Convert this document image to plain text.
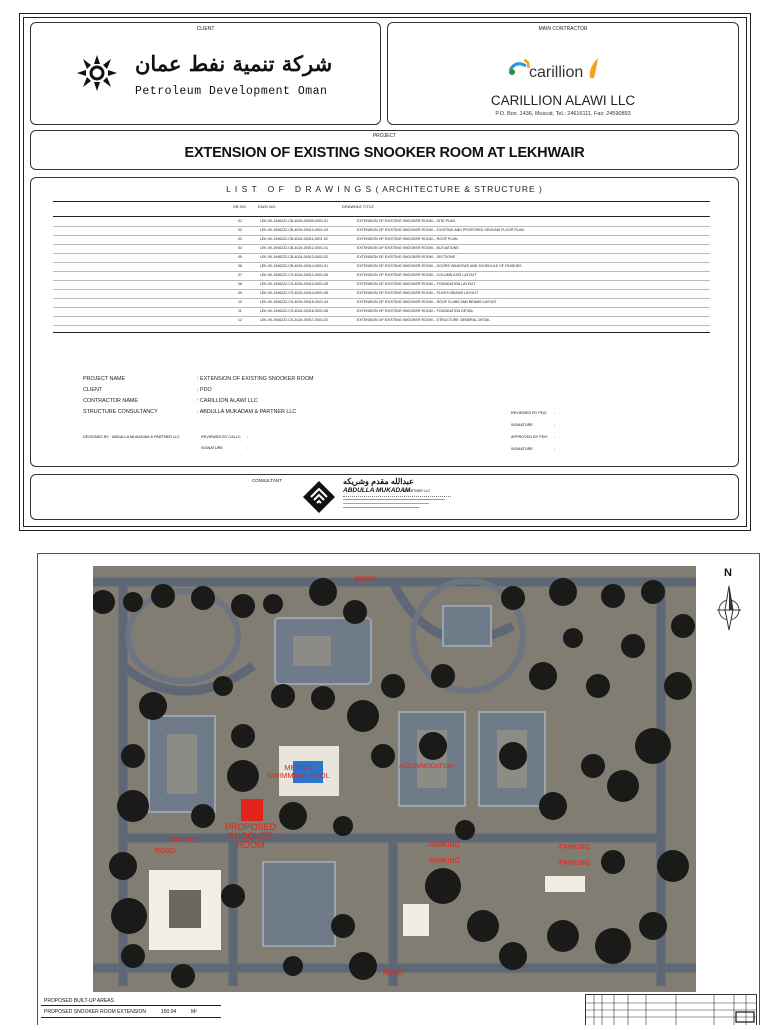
CLIENT
شركة تنمية نفط عمان
Petroleum Development Oman
MAIN CONTRACTOR
carillion
CARILLION ALAWI LLC
P.O. Box. 1436, Muscat, Tel.: 24616111, Fax: 24590893
PROJECT
EXTENSION OF EXISTING SNOOKER ROOM AT LEKHWAIR
L I S T   O F   D R A W I N G S ( ARCHITECTURE & STRUCTURE )
SR.NO.	DWG.NO.	DRAWING TITLE
01	LEK-90-1946222-CB-4024-00000-0001-01	EXTENSION OF EXISTING SNOOKER ROOM – SITE PLAN
02	LEK-90-1946222-CB-4024-00010-0001-03	EXTENSION OF EXISTING SNOOKER ROOM – EXISTING AND PROPOSED GROUND FLOOR PLAN
03	LEK-90-1946222-CB-4024-00011-0001-02	EXTENSION OF EXISTING SNOOKER ROOM – ROOF PLAN
04	LEK-90-1946222-CB-4024-00012-0001-01	EXTENSION OF EXISTING SNOOKER ROOM – ELEVATIONS
05	LEK-90-1946222-CB-4024-00013-0001-02	EXTENSION OF EXISTING SNOOKER ROOM – SECTIONS
06	LEK-90-1946222-CB-4024-00014-0001-01	EXTENSION OF EXISTING SNOOKER ROOM – DOORS WINDOWS AND SCHEDULE OF FINISHES
07	LEK-90-1946222-CS-4024-00012-0001-05	EXTENSION OF EXISTING SNOOKER ROOM – COLUMN AXIS LAYOUT
08	LEK-90-1946222-CS-4024-00013-0001-05	EXTENSION OF EXISTING SNOOKER ROOM – FOUNDATION LAYOUT
09	LEK-90-1946222-CS-4024-00014-0001-05	EXTENSION OF EXISTING SNOOKER ROOM – PLINTH BEAMS LAYOUT
10	LEK-90-1946222-CS-4024-00015-0001-04	EXTENSION OF EXISTING SNOOKER ROOM – ROOF SLABS AND BEAMS LAYOUT
11	LEK-90-1946222-CS-4024-00016-0001-05	EXTENSION OF EXISTING SNOOKER ROOM – FOUNDATION DETAIL
12	LEK-90-1946222-CS-4024-00017-0001-02	EXTENSION OF EXISTING SNOOKER ROOM – STRUCTURE GENERAL DETAIL
PROJECT NAME	: EXTENSION OF EXISTING SNOOKER ROOM
CLIENT	: PDO
CONTRACTOR NAME	: CARILLION ALAWI LLC
STRUCTURE CONSULTANCY	: ABDULLA MUKADAM & PARTNER LLC
DESIGNED BY : ABDULLA MUKADAM & PARTNER LLC	REVIEWED BY CALLC :
SIGNATURE	:
REVIEWED BY PDO :
SIGNATURE	:
APPROVED BY PDO :
SIGNATURE	:
CONSULTANT	عبدالله مقدم وشريكه
ABDULLA MUKADAM
& PARTNER LLC
ROAD
MESS &
SWIMMING POOL
PROPOSED
SNOOKER
ROOM
ROAD
PARKING
PARKING
PARKING
PARKING
PARKING
ACCOMMODATION
ROAD
N
PROPOSED BUILT-UP AREAS
PROPOSED SNOOKER ROOM EXTENSION	150.04	M²
